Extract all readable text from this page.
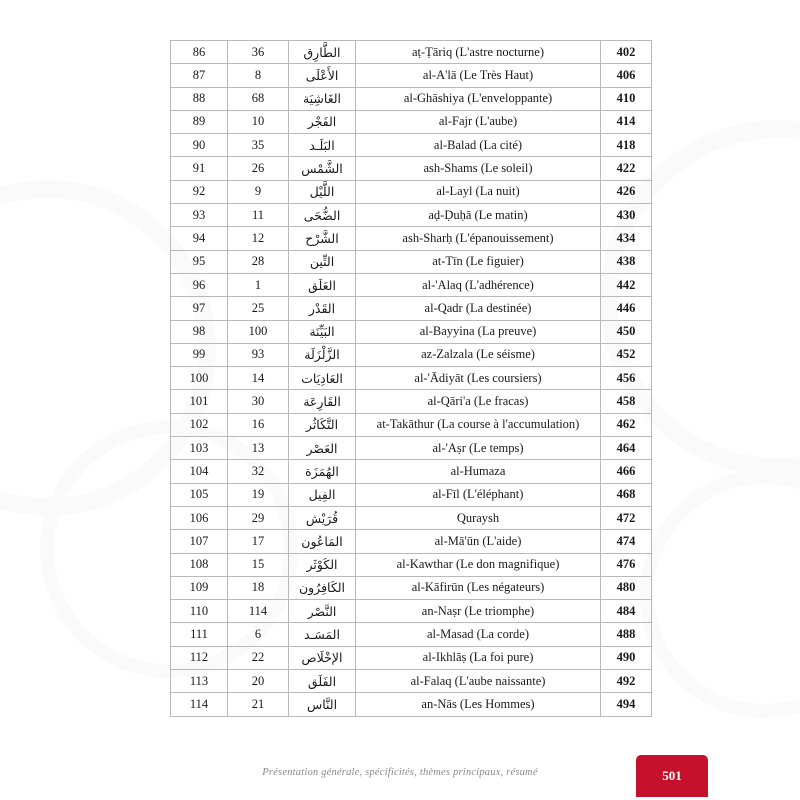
86	36	الطَّارِق	aṭ-Ṭāriq (L'astre nocturne)	402
87	8	الأَعْلَى	al-A'lā (Le Très Haut)	406
88	68	الغَاشِيَة	al-Ghāshiya (L'enveloppante)	410
89	10	الفَجْر	al-Fajr (L'aube)	414
90	35	البَلَـد	al-Balad (La cité)	418
91	26	الشَّمْس	ash-Shams (Le soleil)	422
92	9	اللَّيْل	al-Layl (La nuit)	426
93	11	الضُّحَى	aḍ-Ḍuḥā (Le matin)	430
94	12	الشَّرْح	ash-Sharḥ (L'épanouissement)	434
95	28	التِّين	at-Tīn (Le figuier)	438
96	1	العَلَق	al-'Alaq (L'adhérence)	442
97	25	القَدْر	al-Qadr (La destinée)	446
98	100	البَيِّنَة	al-Bayyina (La preuve)	450
99	93	الزَّلْزَلَة	az-Zalzala (Le séisme)	452
100	14	العَادِيَات	al-'Ādiyāt (Les coursiers)	456
101	30	القَارِعَة	al-Qāri'a (Le fracas)	458
102	16	التَّكَاثُر	at-Takāthur (La course à l'accumulation)	462
103	13	العَصْر	al-'Aṣr (Le temps)	464
104	32	الهُمَزَة	al-Humaza	466
105	19	الفِيل	al-Fīl (L'éléphant)	468
106	29	قُرَيْش	Quraysh	472
107	17	المَاعُون	al-Mā'ūn (L'aide)	474
108	15	الكَوْثَر	al-Kawthar (Le don magnifique)	476
109	18	الكَافِرُون	al-Kāfirūn (Les négateurs)	480
110	114	النَّصْر	an-Naṣr (Le triomphe)	484
111	6	المَسَـد	al-Masad (La corde)	488
112	22	الإخْلَاص	al-Ikhlāṣ (La foi pure)	490
113	20	الفَلَق	al-Falaq (L'aube naissante)	492
114	21	النَّاس	an-Nās (Les Hommes)	494
Présentation générale, spécificités, thèmes principaux, résumé	501
